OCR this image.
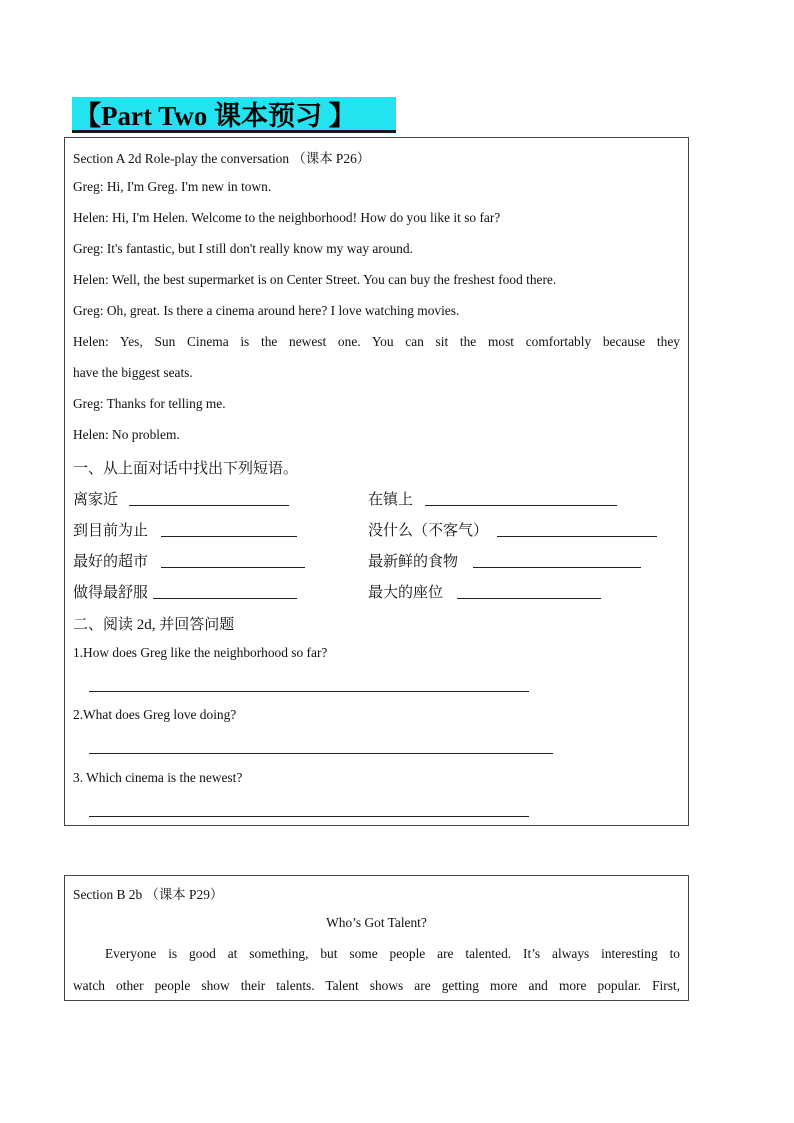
【Part Two 课本预习 】
Section A 2d Role-play the conversation （课本 P26）
Greg: Hi, I'm Greg. I'm new in town.
Helen: Hi, I'm Helen. Welcome to the neighborhood! How do you like it so far?
Greg: It's fantastic, but I still don't really know my way around.
Helen: Well, the best supermarket is on Center Street. You can buy the freshest food there.
Greg: Oh, great. Is there a cinema around here? I love watching movies.
Helen: Yes, Sun Cinema is the newest one. You can sit the most comfortably because they
have the biggest seats.
Greg: Thanks for telling me.
Helen: No problem.
一、从上面对话中找出下列短语。
离家近	在镇上
到目前为止	没什么（不客气）
最好的超市	最新鲜的食物
做得最舒服	最大的座位
二、阅读 2d, 并回答问题
1.How does Greg like the neighborhood so far?
2.What does Greg love doing?
3. Which cinema is the newest?
Section B 2b （课本 P29）
Who’s Got Talent?
Everyone is good at something, but some people are talented. It’s always interesting to
watch other people show their talents. Talent shows are getting more and more popular. First,
